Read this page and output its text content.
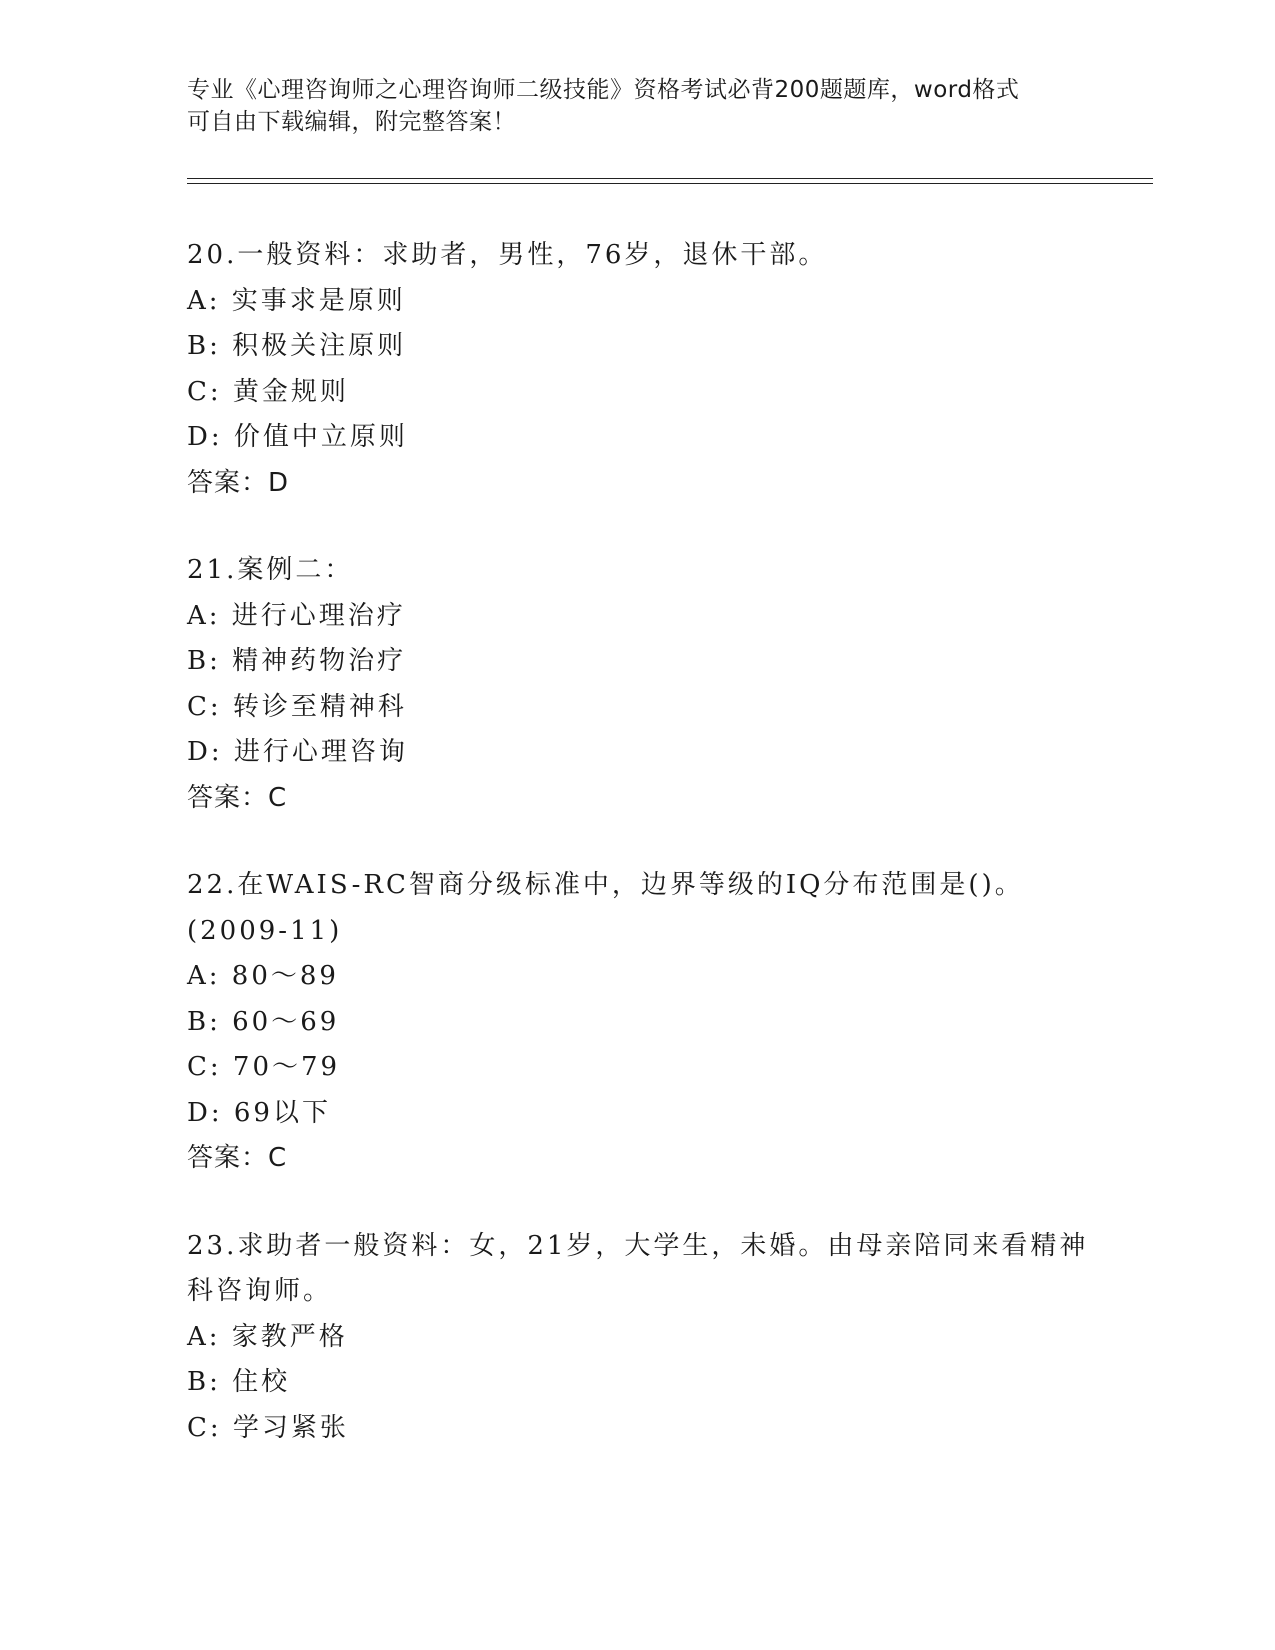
专业《心理咨询师之心理咨询师二级技能》资格考试必背200题题库，word格式
可自由下载编辑，附完整答案！
20.一般资料：求助者，男性，76岁，退休干部。
A: 实事求是原则
B: 积极关注原则
C: 黄金规则
D: 价值中立原则
答案：D
21.案例二：
A: 进行心理治疗
B: 精神药物治疗
C: 转诊至精神科
D: 进行心理咨询
答案：C
22.在WAIS-RC智商分级标准中，边界等级的IQ分布范围是()。
(2009-11)
A: 80～89
B: 60～69
C: 70～79
D: 69以下
答案：C
23.求助者一般资料：女，21岁，大学生，未婚。由母亲陪同来看精神
科咨询师。
A: 家教严格
B: 住校
C: 学习紧张
